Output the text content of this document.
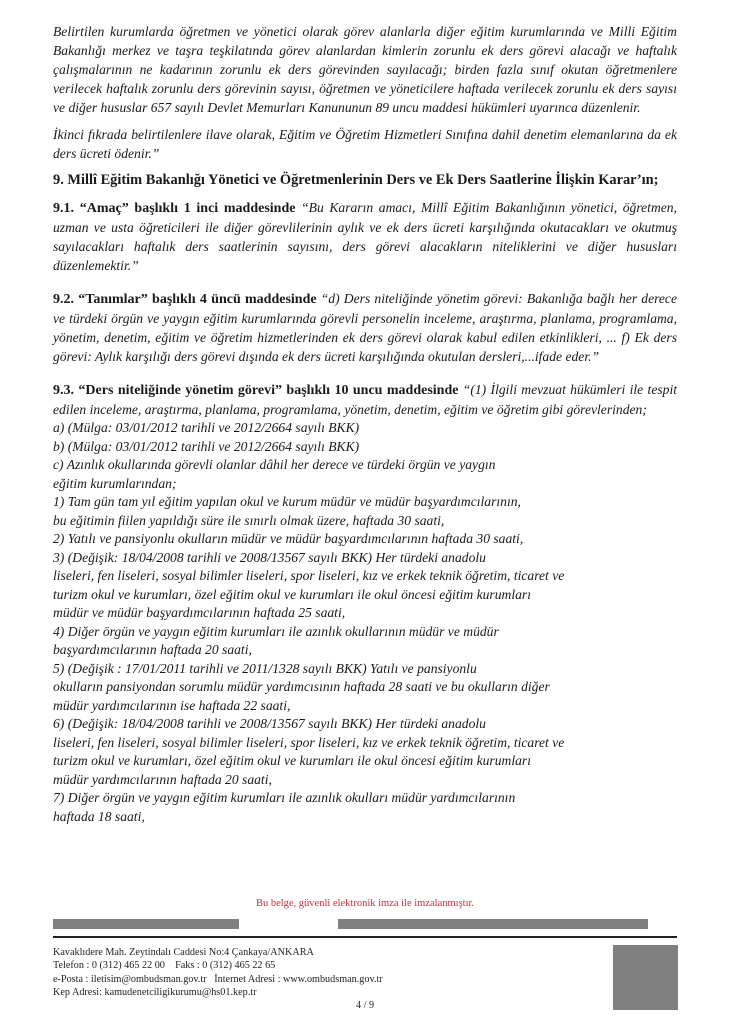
Belirtilen kurumlarda öğretmen ve yönetici olarak görev alanlarla diğer eğitim kurumlarında ve Milli Eğitim Bakanlığı merkez ve taşra teşkilatında görev alanlardan kimlerin zorunlu ek ders görevi alacağı ve haftalık çalışmalarının ne kadarının zorunlu ek ders görevinden sayılacağı; birden fazla sınıf okutan öğretmenlere verilecek haftalık zorunlu ders görevinin sayısı, öğretmen ve yöneticilere haftada verilecek zorunlu ek ders sayısı ve diğer hususlar 657 sayılı Devlet Memurları Kanununun 89 uncu maddesi hükümleri uyarınca düzenlenir.

İkinci fıkrada belirtilenlere ilave olarak, Eğitim ve Öğretim Hizmetleri Sınıfına dahil denetim elemanlarına da ek ders ücreti ödenir.”

9. Millî Eğitim Bakanlığı Yönetici ve Öğretmenlerinin Ders ve Ek Ders Saatlerine İlişkin Karar’ın;

9.1. “Amaç” başlıklı 1 inci maddesinde “Bu Kararın amacı, Millî Eğitim Bakanlığının yönetici, öğretmen, uzman ve usta öğreticileri ile diğer görevlilerinin aylık ve ek ders ücreti karşılığında okutacakları ve okutmuş sayılacakları haftalık ders saatlerinin sayısını, ders görevi alacakların niteliklerini ve diğer hususları düzenlemektir.”

9.2. “Tanımlar” başlıklı 4 üncü maddesinde “d) Ders niteliğinde yönetim görevi: Bakanlığa bağlı her derece ve türdeki örgün ve yaygın eğitim kurumlarında görevli personelin inceleme, araştırma, planlama, programlama, yönetim, denetim, eğitim ve öğretim hizmetlerinden ek ders görevi olarak kabul edilen etkinlikleri, ... f) Ek ders görevi: Aylık karşılığı ders görevi dışında ek ders ücreti karşılığında okutulan dersleri,...ifade eder.”

9.3. “Ders niteliğinde yönetim görevi” başlıklı 10 uncu maddesinde “(1) İlgili mevzuat hükümleri ile tespit edilen inceleme, araştırma, planlama, programlama, yönetim, denetim, eğitim ve öğretim gibi görevlerinden;

a) (Mülga: 03/01/2012 tarihli ve 2012/2664 sayılı BKK)
b) (Mülga: 03/01/2012 tarihli ve 2012/2664 sayılı BKK)
c) Azınlık okullarında görevli olanlar dâhil her derece ve türdeki örgün ve yaygın
eğitim kurumlarından;
1) Tam gün tam yıl eğitim yapılan okul ve kurum müdür ve müdür başyardımcılarının,
bu eğitimin fiilen yapıldığı süre ile sınırlı olmak üzere, haftada 30 saati,
2) Yatılı ve pansiyonlu okulların müdür ve müdür başyardımcılarının haftada 30 saati,
3) (Değişik: 18/04/2008 tarihli ve 2008/13567 sayılı BKK) Her türdeki anadolu
liseleri, fen liseleri, sosyal bilimler liseleri, spor liseleri, kız ve erkek teknik öğretim, ticaret ve
turizm okul ve kurumları, özel eğitim okul ve kurumları ile okul öncesi eğitim kurumları
müdür ve müdür başyardımcılarının haftada 25 saati,
4) Diğer örgün ve yaygın eğitim kurumları ile azınlık okullarının müdür ve müdür
başyardımcılarının haftada 20 saati,
5) (Değişik : 17/01/2011 tarihli ve 2011/1328 sayılı BKK) Yatılı ve pansiyonlu
okulların pansiyondan sorumlu müdür yardımcısının haftada 28 saati ve bu okulların diğer
müdür yardımcılarının ise haftada 22 saati,
6) (Değişik: 18/04/2008 tarihli ve 2008/13567 sayılı BKK) Her türdeki anadolu
liseleri, fen liseleri, sosyal bilimler liseleri, spor liseleri, kız ve erkek teknik öğretim, ticaret ve
turizm okul ve kurumları, özel eğitim okul ve kurumları ile okul öncesi eğitim kurumları
müdür yardımcılarının haftada 20 saati,
7) Diğer örgün ve yaygın eğitim kurumları ile azınlık okulları müdür yardımcılarının
haftada 18 saati,
Bu belge, güvenli elektronik imza ile imzalanmıştır.
Kavaklıdere Mah. Zeytindalı Caddesi No:4 Çankaya/ANKARA
Telefon : 0 (312) 465 22 00    Faks : 0 (312) 465 22 65
e-Posta : iletisim@ombudsman.gov.tr   İnternet Adresi : www.ombudsman.gov.tr
Kep Adresi: kamudenetciligikurumu@hs01.kep.tr
4 / 9
